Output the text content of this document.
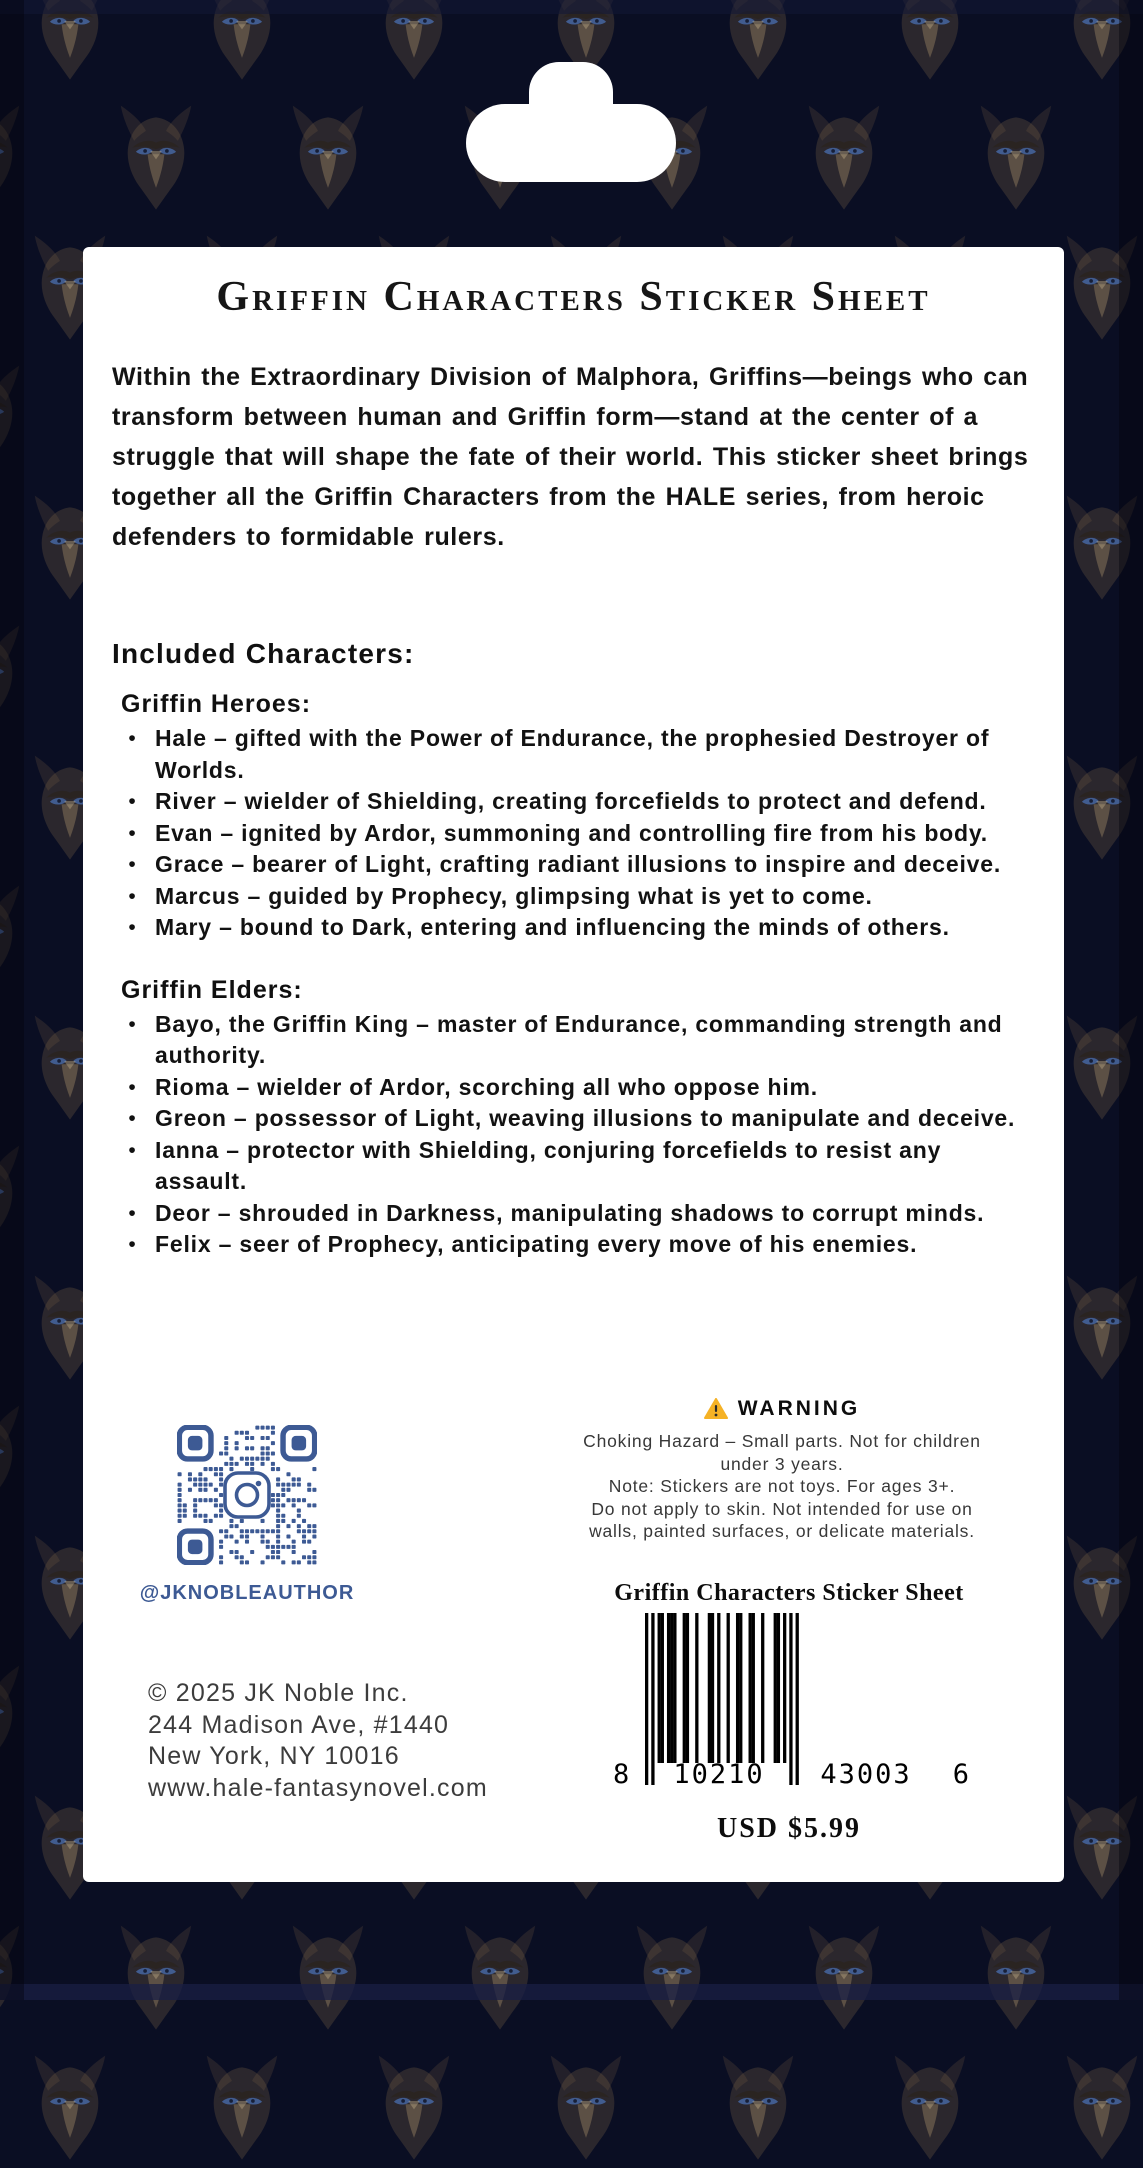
Griffin Characters Sticker Sheet
Within the Extraordinary Division of Malphora, Griffins—beings who can transform between human and Griffin form—stand at the center of a struggle that will shape the fate of their world. This sticker sheet brings together all the Griffin Characters from the HALE series, from heroic defenders to formidable rulers.
Included Characters:
Griffin Heroes:
• Hale – gifted with the Power of Endurance, the prophesied Destroyer of Worlds.
• River – wielder of Shielding, creating forcefields to protect and defend.
• Evan – ignited by Ardor, summoning and controlling fire from his body.
• Grace – bearer of Light, crafting radiant illusions to inspire and deceive.
• Marcus – guided by Prophecy, glimpsing what is yet to come.
• Mary – bound to Dark, entering and influencing the minds of others.
Griffin Elders:
• Bayo, the Griffin King – master of Endurance, commanding strength and authority.
• Rioma – wielder of Ardor, scorching all who oppose him.
• Greon – possessor of Light, weaving illusions to manipulate and deceive.
• Ianna – protector with Shielding, conjuring forcefields to resist any assault.
• Deor – shrouded in Darkness, manipulating shadows to corrupt minds.
• Felix – seer of Prophecy, anticipating every move of his enemies.
@JKNOBLEAUTHOR
WARNING
Choking Hazard – Small parts. Not for children
under 3 years.
Note: Stickers are not toys. For ages 3+.
Do not apply to skin. Not intended for use on
walls, painted surfaces, or delicate materials.
Griffin Characters Sticker Sheet
8 10210 43003 6
USD $5.99
© 2025 JK Noble Inc.
244 Madison Ave, #1440
New York, NY 10016
www.hale-fantasynovel.com
